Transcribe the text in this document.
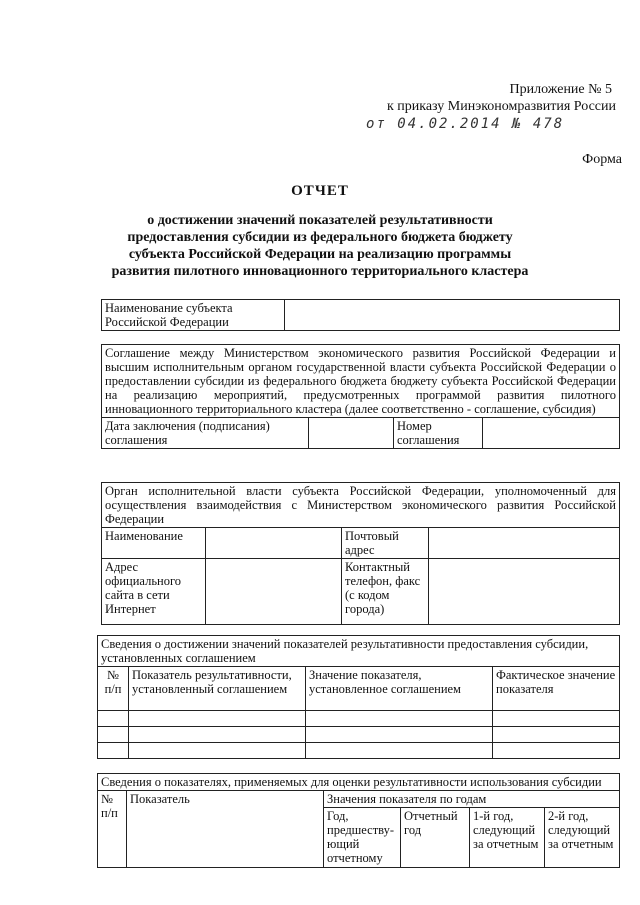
Приложение № 5
к приказу Минэкономразвития России
от 04.02.2014 № 478
Форма
ОТЧЕТ
о достижении значений показателей результативности предоставления субсидии из федерального бюджета бюджету субъекта Российской Федерации на реализацию программы развития пилотного инновационного территориального кластера
Наименование субъекта Российской Федерации	
Соглашение между Министерством экономического развития Российской Федерации и высшим исполнительным органом государственной власти субъекта Российской Федерации о предоставлении субсидии из федерального бюджета бюджету субъекта Российской Федерации на реализацию мероприятий, предусмотренных программой развития пилотного инновационного территориального кластера (далее соответственно - соглашение, субсидия)
Дата заключения (подписания) соглашения		Номер соглашения	
Орган исполнительной власти субъекта Российской Федерации, уполномоченный для осуществления взаимодействия с Министерством экономического развития Российской Федерации			
Наименование		Почтовый адрес	
Адрес официального сайта в сети Интернет		Контактный телефон, факс (с кодом города)	
Сведения о достижении значений показателей результативности предоставления субсидии, установленных соглашением			
№ п/п	Показатель результативности, установленный соглашением	Значение показателя, установленное соглашением	Фактическое значение показателя

Сведения о показателях, применяемых для оценки результативности использования субсидии					
№ п/п	Показатель	Значения показателя по годам			
		Год, предшеству-ющий отчетному	Отчетный год	1-й год, следующий за отчетным	2-й год, следующий за отчетным
